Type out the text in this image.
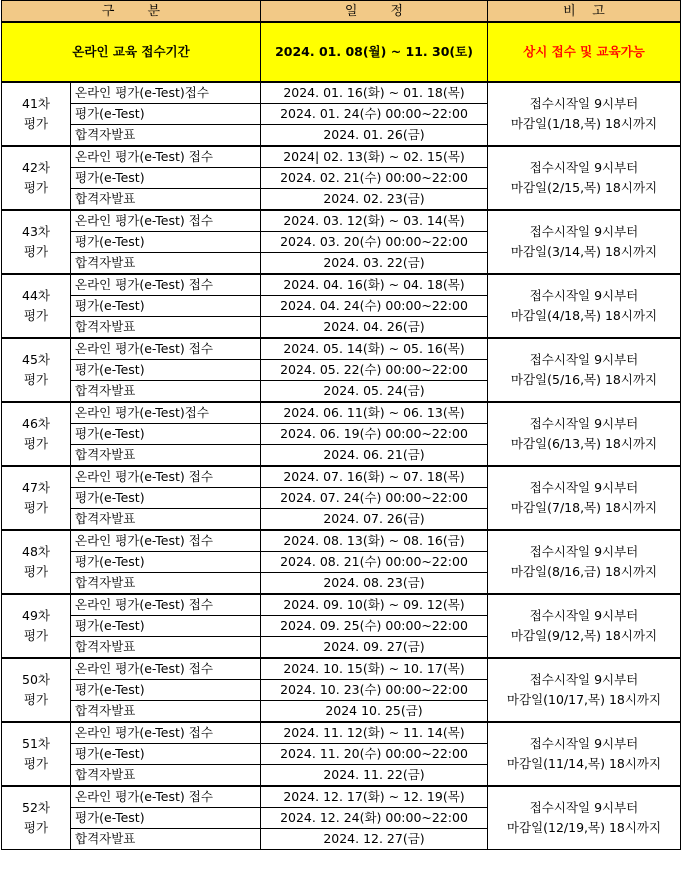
구        분		일        정	비    고
온라인 교육 접수기간		2024. 01. 08(월) ~ 11. 30(토)	상시 접수 및 교육가능
41차 평가	온라인 평가(e-Test)접수	2024. 01. 16(화) ~ 01. 18(목)	접수시작일 9시부터
마감일(1/18,목) 18시까지

	평가(e-Test)	2024. 01. 24(수) 00:00~22:00	
	합격자발표	2024. 01. 26(금)	
42차 평가	온라인 평가(e-Test) 접수	2024| 02. 13(화) ~ 02. 15(목)	접수시작일 9시부터
마감일(2/15,목) 18시까지

	평가(e-Test)	2024. 02. 21(수) 00:00~22:00	
	합격자발표	2024. 02. 23(금)	
43차 평가	온라인 평가(e-Test) 접수	2024. 03. 12(화) ~ 03. 14(목)	접수시작일 9시부터
마감일(3/14,목) 18시까지

	평가(e-Test)	2024. 03. 20(수) 00:00~22:00	
	합격자발표	2024. 03. 22(금)	
44차 평가	온라인 평가(e-Test) 접수	2024. 04. 16(화) ~ 04. 18(목)	접수시작일 9시부터
마감일(4/18,목) 18시까지

	평가(e-Test)	2024. 04. 24(수) 00:00~22:00	
	합격자발표	2024. 04. 26(금)	
45차 평가	온라인 평가(e-Test) 접수	2024. 05. 14(화) ~ 05. 16(목)	접수시작일 9시부터
마감일(5/16,목) 18시까지

	평가(e-Test)	2024. 05. 22(수) 00:00~22:00	
	합격자발표	2024. 05. 24(금)	
46차 평가	온라인 평가(e-Test)접수	2024. 06. 11(화) ~ 06. 13(목)	접수시작일 9시부터
마감일(6/13,목) 18시까지

	평가(e-Test)	2024. 06. 19(수) 00:00~22:00	
	합격자발표	2024. 06. 21(금)	
47차 평가	온라인 평가(e-Test) 접수	2024. 07. 16(화) ~ 07. 18(목)	접수시작일 9시부터
마감일(7/18,목) 18시까지

	평가(e-Test)	2024. 07. 24(수) 00:00~22:00	
	합격자발표	2024. 07. 26(금)	
48차 평가	온라인 평가(e-Test) 접수	2024. 08. 13(화) ~ 08. 16(금)	접수시작일 9시부터
마감일(8/16,금) 18시까지

	평가(e-Test)	2024. 08. 21(수) 00:00~22:00	
	합격자발표	2024. 08. 23(금)	
49차 평가	온라인 평가(e-Test) 접수	2024. 09. 10(화) ~ 09. 12(목)	접수시작일 9시부터
마감일(9/12,목) 18시까지

	평가(e-Test)	2024. 09. 25(수) 00:00~22:00	
	합격자발표	2024. 09. 27(금)	
50차 평가	온라인 평가(e-Test) 접수	2024. 10. 15(화) ~ 10. 17(목)	접수시작일 9시부터
마감일(10/17,목) 18시까지

	평가(e-Test)	2024. 10. 23(수) 00:00~22:00	
	합격자발표	2024 10. 25(금)	
51차 평가	온라인 평가(e-Test) 접수	2024. 11. 12(화) ~ 11. 14(목)	접수시작일 9시부터
마감일(11/14,목) 18시까지

	평가(e-Test)	2024. 11. 20(수) 00:00~22:00	
	합격자발표	2024. 11. 22(금)	
52차 평가	온라인 평가(e-Test) 접수	2024. 12. 17(화) ~ 12. 19(목)	접수시작일 9시부터
마감일(12/19,목) 18시까지

	평가(e-Test)	2024. 12. 24(화) 00:00~22:00	
	합격자발표	2024. 12. 27(금)	
